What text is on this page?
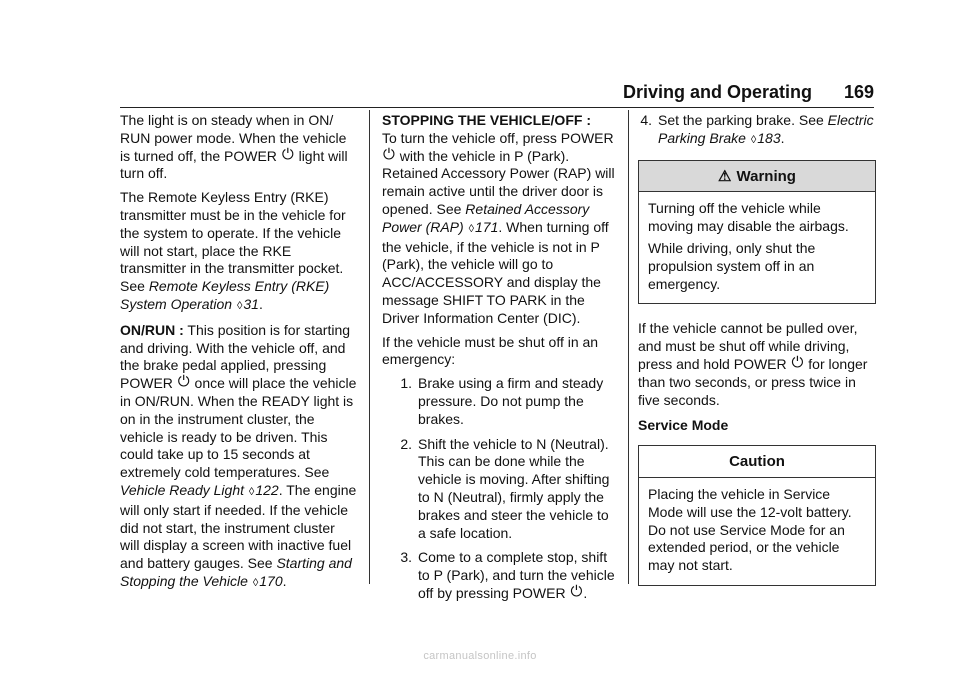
Driving and Operating 169

The light is on steady when in ON/ RUN power mode. When the vehicle is turned off, the POWER ⏻ light will turn off.

The Remote Keyless Entry (RKE) transmitter must be in the vehicle for the system to operate. If the vehicle will not start, place the RKE transmitter in the transmitter pocket. See Remote Keyless Entry (RKE) System Operation ◊31.

ON/RUN : This position is for starting and driving. With the vehicle off, and the brake pedal applied, pressing POWER ⏻ once will place the vehicle in ON/RUN. When the READY light is on in the instrument cluster, the vehicle is ready to be driven. This could take up to 15 seconds at extremely cold temperatures. See Vehicle Ready Light ◊122. The engine will only start if needed. If the vehicle did not start, the instrument cluster will display a screen with inactive fuel and battery gauges. See Starting and Stopping the Vehicle ◊170.

STOPPING THE VEHICLE/OFF :
To turn the vehicle off, press POWER ⏻ with the vehicle in P (Park). Retained Accessory Power (RAP) will remain active until the driver door is opened. See Retained Accessory Power (RAP) ◊171. When turning off the vehicle, if the vehicle is not in P (Park), the vehicle will go to ACC/ACCESSORY and display the message SHIFT TO PARK in the Driver Information Center (DIC).

If the vehicle must be shut off in an emergency:

1. Brake using a firm and steady pressure. Do not pump the brakes.
2. Shift the vehicle to N (Neutral). This can be done while the vehicle is moving. After shifting to N (Neutral), firmly apply the brakes and steer the vehicle to a safe location.
3. Come to a complete stop, shift to P (Park), and turn the vehicle off by pressing POWER ⏻.
4. Set the parking brake. See Electric Parking Brake ◊183.
⚠ Warning

Turning off the vehicle while moving may disable the airbags.

While driving, only shut the propulsion system off in an emergency.

If the vehicle cannot be pulled over, and must be shut off while driving, press and hold POWER ⏻ for longer than two seconds, or press twice in five seconds.

Service Mode

Caution

Placing the vehicle in Service Mode will use the 12-volt battery. Do not use Service Mode for an extended period, or the vehicle may not start.

carmanualsonline.info
